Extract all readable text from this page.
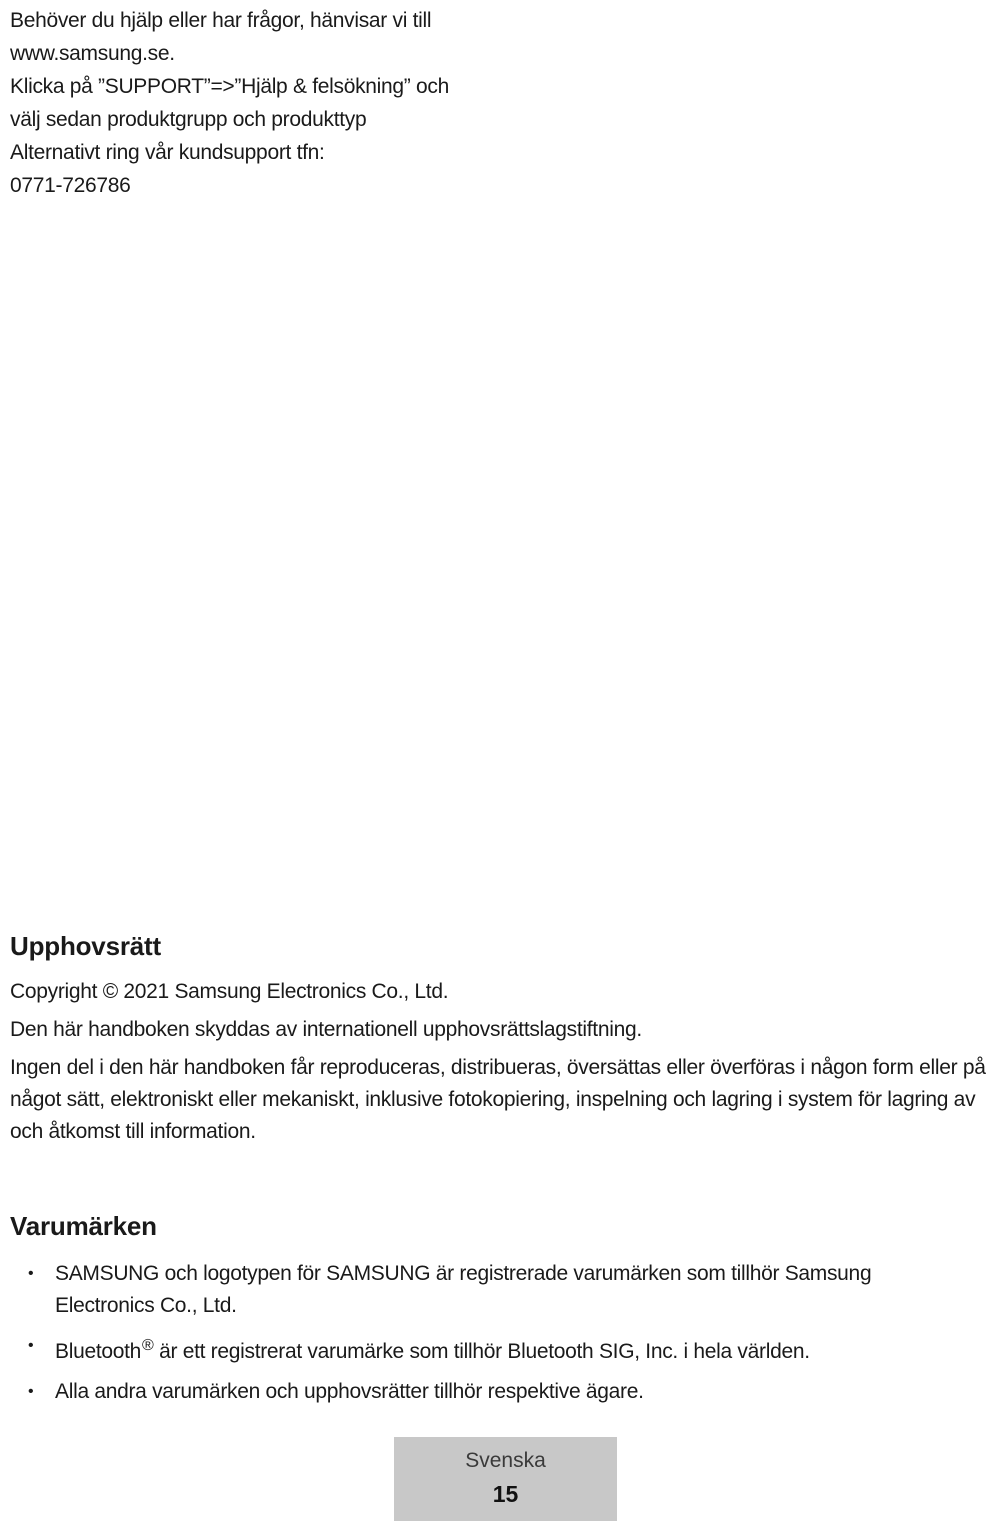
Behöver du hjälp eller har frågor, hänvisar vi till
www.samsung.se.
Klicka på ”SUPPORT”=>”Hjälp & felsökning” och
välj sedan produktgrupp och produkttyp
Alternativt ring vår kundsupport tfn:
0771-726786
Upphovsrätt

Copyright © 2021 Samsung Electronics Co., Ltd.

Den här handboken skyddas av internationell upphovsrättslagstiftning.

Ingen del i den här handboken får reproduceras, distribueras, översättas eller överföras i någon form eller på något sätt, elektroniskt eller mekaniskt, inklusive fotokopiering, inspelning och lagring i system för lagring av och åtkomst till information.

Varumärken
• SAMSUNG och logotypen för SAMSUNG är registrerade varumärken som tillhör Samsung Electronics Co., Ltd.
• Bluetooth® är ett registrerat varumärke som tillhör Bluetooth SIG, Inc. i hela världen.
• Alla andra varumärken och upphovsrätter tillhör respektive ägare.
Svenska
15
